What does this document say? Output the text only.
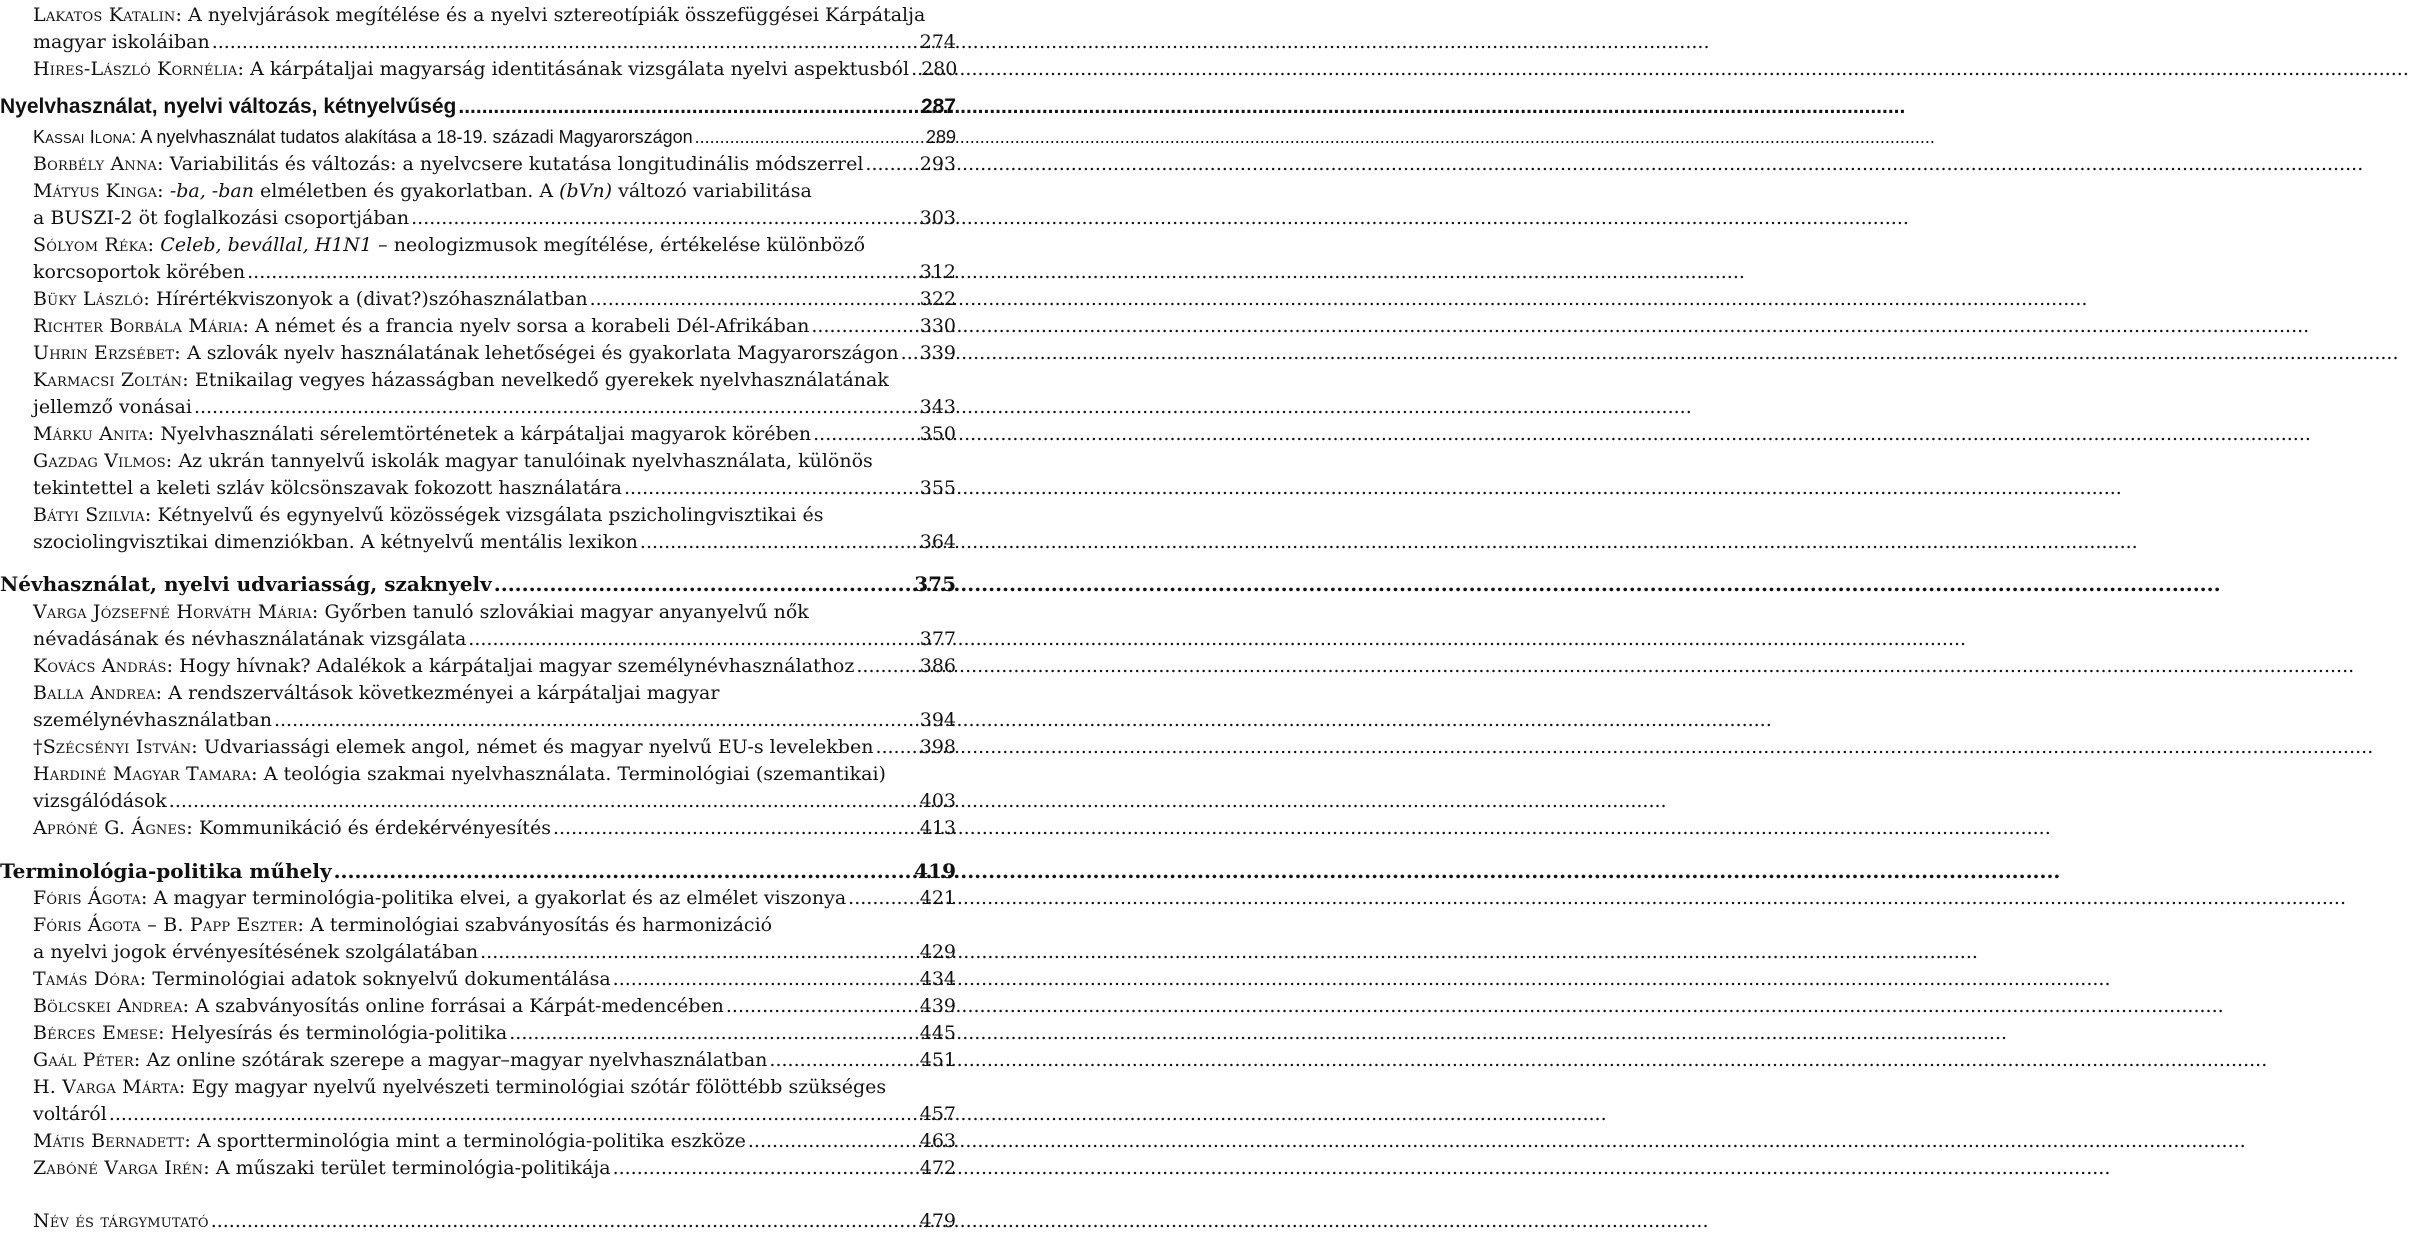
Lakatos Katalin: A nyelvjárások megítélése és a nyelvi sztereotípiák összefüggései Kárpátalja
magyar iskoláiban .....	274
Hires-László Kornélia: A kárpátaljai magyarság identitásának vizsgálata nyelvi aspektusból ..... 280
Nyelvhasználat, nyelvi változás, kétnyelvűség .....	287
Kassai Ilona: A nyelvhasználat tudatos alakítása a 18-19. századi Magyarországon .....	289
Borbély Anna: Variabilitás és változás: a nyelvcsere kutatása longitudinális módszerrel .....	293
Mátyus Kinga: -ba, -ban elméletben és gyakorlatban. A (bVn) változó variabilitása
a BUSZI-2 öt foglalkozási csoportjában .....	303
Sólyom Réka: Celeb, bevállal, H1N1 – neologizmusok megítélése, értékelése különböző
korcsoportok körében .....	312
Büky László: Hírértékviszonyok a (divat?)szóhasználatban .....	322
Richter Borbála Mária: A német és a francia nyelv sorsa a korabeli Dél-Afrikában .....	330
Uhrin Erzsébet: A szlovák nyelv használatának lehetőségei és gyakorlata Magyarországon ..... 339
Karmacsi Zoltán: Etnikailag vegyes házasságban nevelkedő gyerekek nyelvhasználatának
jellemző vonásai .....	343
Márku Anita: Nyelvhasználati sérelemtörténetek a kárpátaljai magyarok körében .....	350
Gazdag Vilmos: Az ukrán tannyelvű iskolák magyar tanulóinak nyelvhasználata, különös
tekintettel a keleti szláv kölcsönszavak fokozott használatára .....	355
Bátyi Szilvia: Kétnyelvű és egynyelvű közösségek vizsgálata pszicholingvisztikai és
szociolingvisztikai dimenziókban. A kétnyelvű mentális lexikon .....	364
Névhasználat, nyelvi udvariasság, szaknyelv .....	375
Varga Józsefné Horváth Mária: Győrben tanuló szlovákiai magyar anyanyelvű nők
névadásának és névhasználatának vizsgálata .....	377
Kovács András: Hogy hívnak? Adalékok a kárpátaljai magyar személynévhasználathoz .....	386
Balla Andrea: A rendszerváltások következményei a kárpátaljai magyar
személynévhasználatban .....	394
†Szécsényi István: Udvariassági elemek angol, német és magyar nyelvű EU-s levelekben ..... 398
Hardiné Magyar Tamara: A teológia szakmai nyelvhasználata. Terminológiai (szemantikai)
vizsgálódások .....	403
Apróné G. Ágnes: Kommunikáció és érdekérvényesítés .....	413
Terminológia-politika műhely .....	419
Fóris Ágota: A magyar terminológia-politika elvei, a gyakorlat és az elmélet viszonya .....	421
Fóris Ágota – B. Papp Eszter: A terminológiai szabványosítás és harmonizáció
a nyelvi jogok érvényesítésének szolgálatában .....	429
Tamás Dóra: Terminológiai adatok soknyelvű dokumentálása .....	434
Bölcskei Andrea: A szabványosítás online forrásai a Kárpát-medencében .....	439
Bérces Emese: Helyesírás és terminológia-politika .....	445
Gaál Péter: Az online szótárak szerepe a magyar–magyar nyelvhasználatban .....	451
H. Varga Márta: Egy magyar nyelvű nyelvészeti terminológiai szótár fölöttébb szükséges
voltáról .....	457
Mátis Bernadett: A sportterminológia mint a terminológia-politika eszköze .....	463
Zabóné Varga Irén: A műszaki terület terminológia-politikája .....	472
Név és tárgymutató .....	479
